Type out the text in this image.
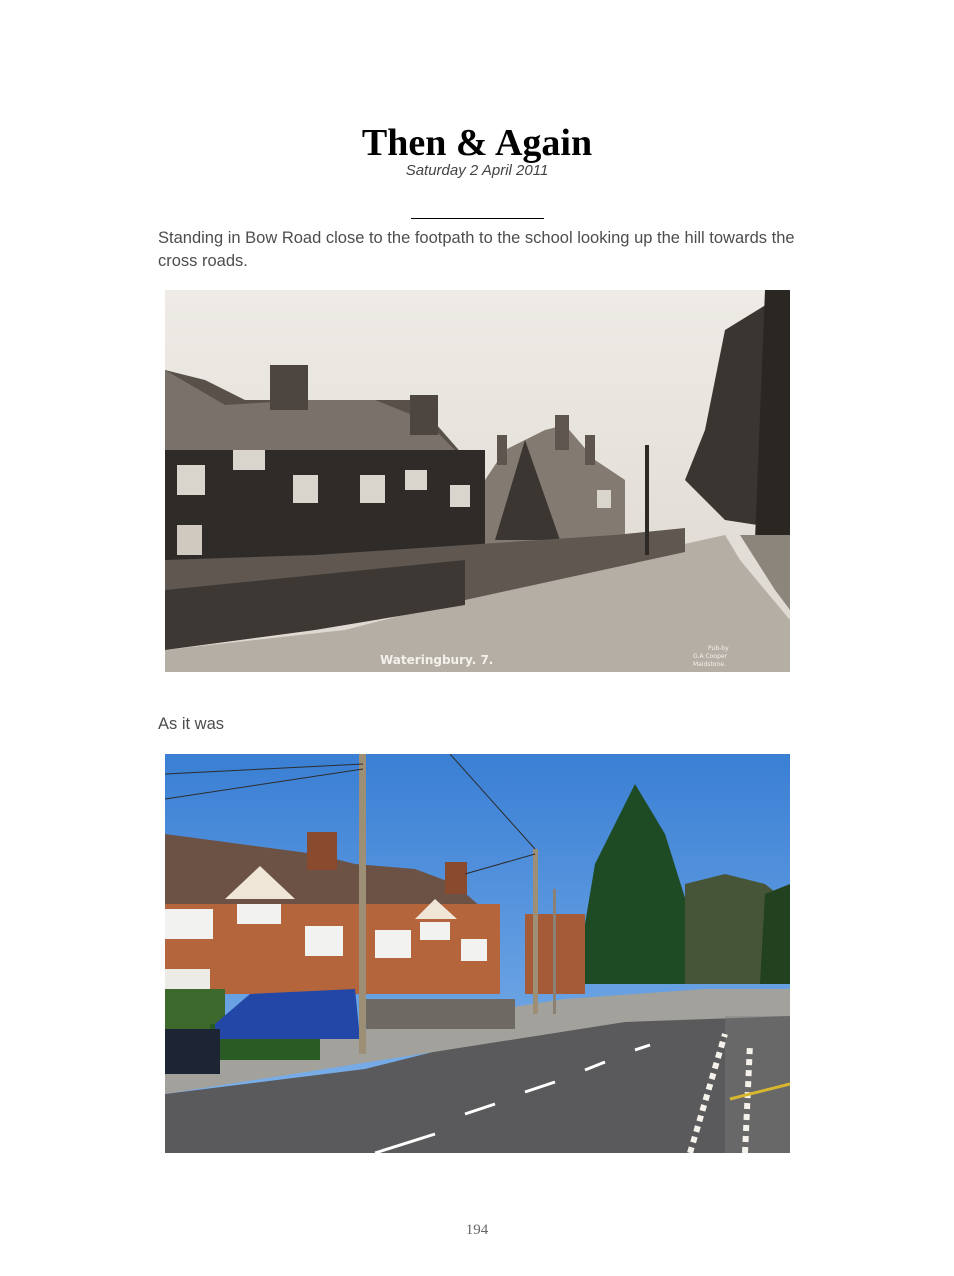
Then & Again
Saturday 2 April 2011
Standing in Bow Road close to the footpath to the school looking up the hill towards the cross roads.
Wateringbury. 7.
Pub-by
G.A Cooper
Maidstone.
As it was
194
